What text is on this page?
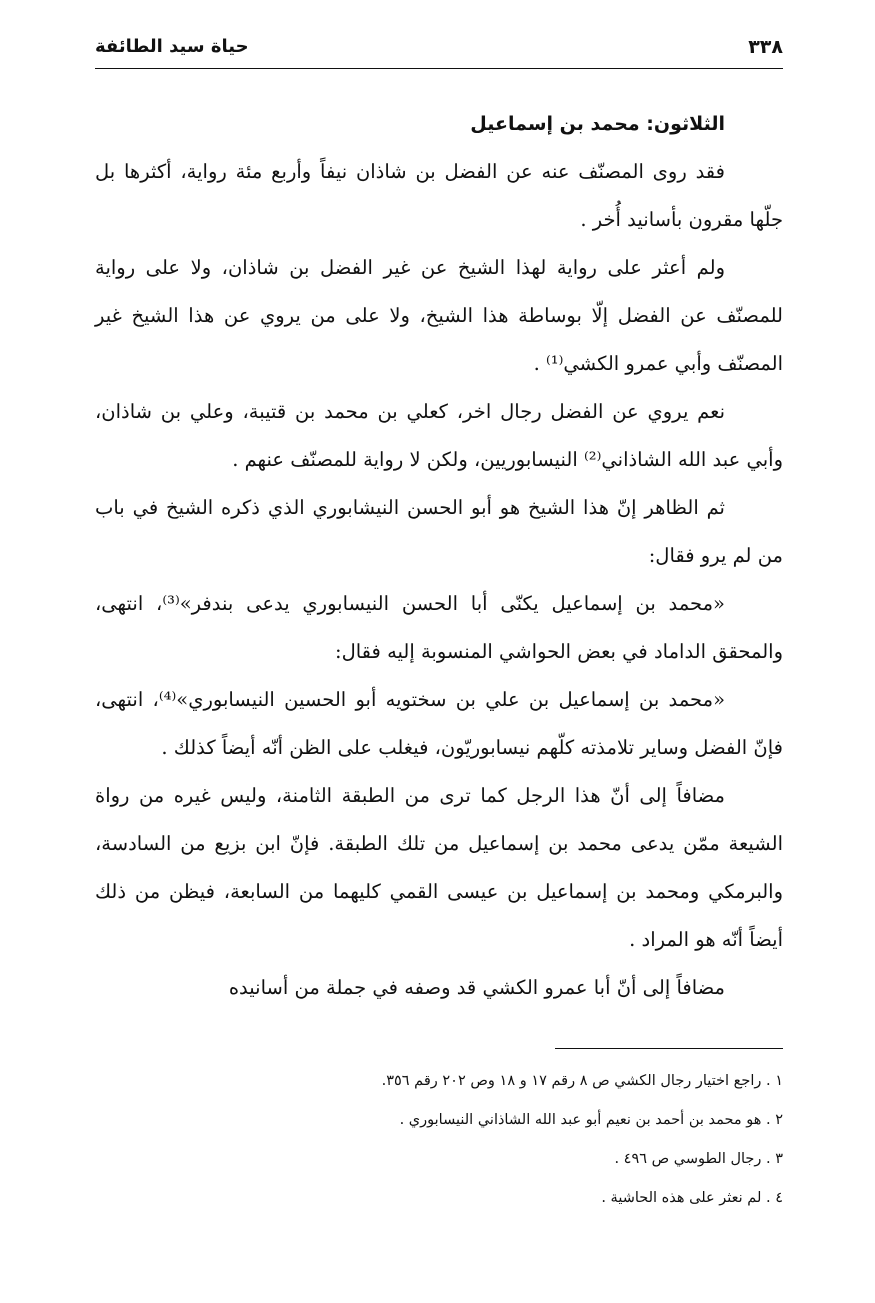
٣٣٨
حياة سيد الطائفة

الثلاثون: محمد بن إسماعيل

فقد روى المصنّف عنه عن الفضل بن شاذان نيفاً وأربع مئة رواية، أكثرها بل جلّها مقرون بأسانيد أُخر .

ولم أعثر على رواية لهذا الشيخ عن غير الفضل بن شاذان، ولا على رواية للمصنّف عن الفضل إلّا بوساطة هذا الشيخ، ولا على من يروي عن هذا الشيخ غير المصنّف وأبي عمرو الكشي⁽¹⁾ .

نعم يروي عن الفضل رجال اخر، كعلي بن محمد بن قتيبة، وعلي بن شاذان، وأبي عبد الله الشاذاني⁽²⁾ النيسابوريين، ولكن لا رواية للمصنّف عنهم .

ثم الظاهر إنّ هذا الشيخ هو أبو الحسن النيشابوري الذي ذكره الشيخ في باب من لم يرو فقال:

«محمد بن إسماعيل يكنّى أبا الحسن النيسابوري يدعى بندفر»⁽³⁾، انتهى، والمحقق الداماد في بعض الحواشي المنسوبة إليه فقال:

«محمد بن إسماعيل بن علي بن سختويه أبو الحسين النيسابوري»⁽⁴⁾، انتهى، فإنّ الفضل وساير تلامذته كلّهم نيسابوريّون، فيغلب على الظن أنّه أيضاً كذلك .

مضافاً إلى أنّ هذا الرجل كما ترى من الطبقة الثامنة، وليس غيره من رواة الشيعة ممّن يدعى محمد بن إسماعيل من تلك الطبقة. فإنّ ابن بزيع من السادسة، والبرمكي ومحمد بن إسماعيل بن عيسى القمي كليهما من السابعة، فيظن من ذلك أيضاً أنّه هو المراد .

مضافاً إلى أنّ أبا عمرو الكشي قد وصفه في جملة من أسانيده

١ . راجع اختيار رجال الكشي ص ٨ رقم ١٧ و ١٨ وص ٢٠٢ رقم ٣٥٦.

٢ . هو محمد بن أحمد بن نعيم أبو عبد الله الشاذاني النيسابوري .

٣ . رجال الطوسي ص ٤٩٦ .

٤ . لم نعثر على هذه الحاشية .
